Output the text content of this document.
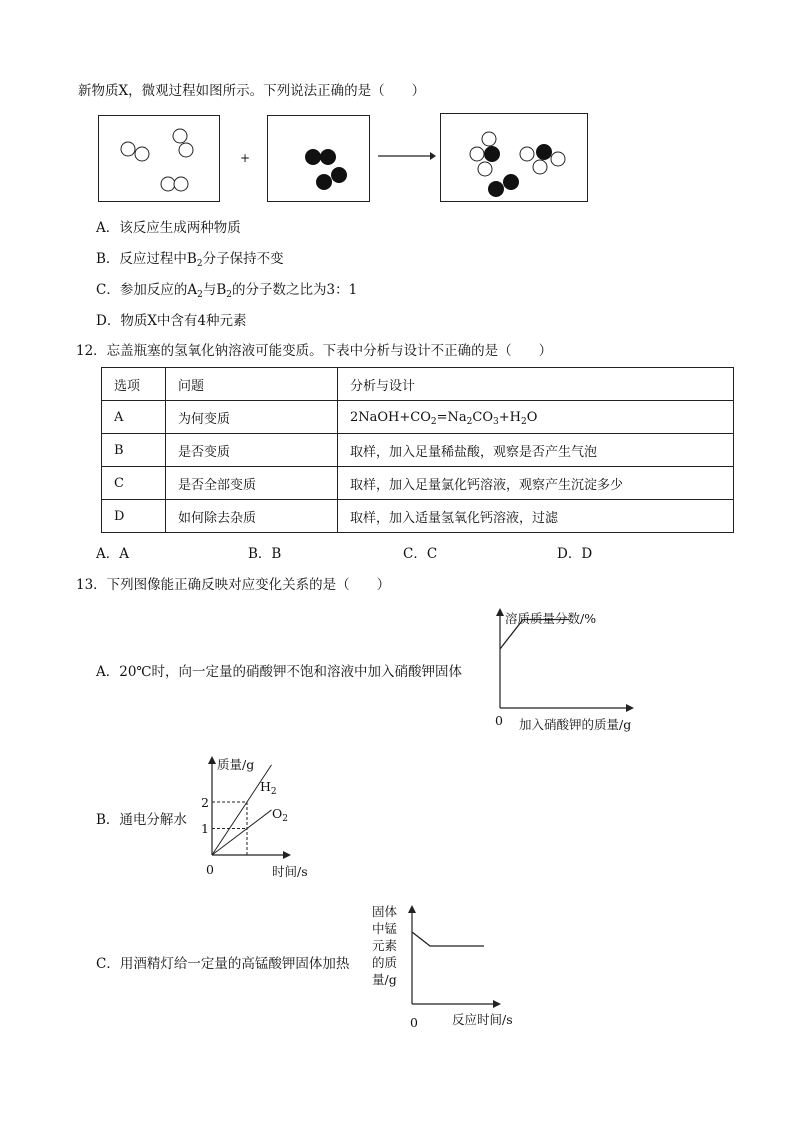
新物质X，微观过程如图所示。下列说法正确的是（　　）
+
A．该反应生成两种物质
B．反应过程中$B_2$分子保持不变
C．参加反应的$A_2$与$B_2$的分子数之比为3：1
D．物质X中含有4种元素
12．忘盖瓶塞的氢氧化钠溶液可能变质。下表中分析与设计不正确的是（　　）
选项	问题	分析与设计
A	为何变质	$2NaOH+CO_2=Na_2CO_3+H_2O$
B	是否变质	取样，加入足量稀盐酸，观察是否产生气泡
C	是否全部变质	取样，加入足量氯化钙溶液，观察产生沉淀多少
D	如何除去杂质	取样，加入适量氢氧化钙溶液，过滤
A．A	B．B	C．C	D．D
13．下列图像能正确反映对应变化关系的是（　　）
A．20℃时，向一定量的硝酸钾不饱和溶液中加入硝酸钾固体
溶质质量分数/%
加入硝酸钾的质量/g
0
B．通电分解水
质量/g
2
1
$H_2$
$O_2$
0	时间/s
C．用酒精灯给一定量的高锰酸钾固体加热
固体
中锰
元素
的质
量/g
0	反应时间/s
